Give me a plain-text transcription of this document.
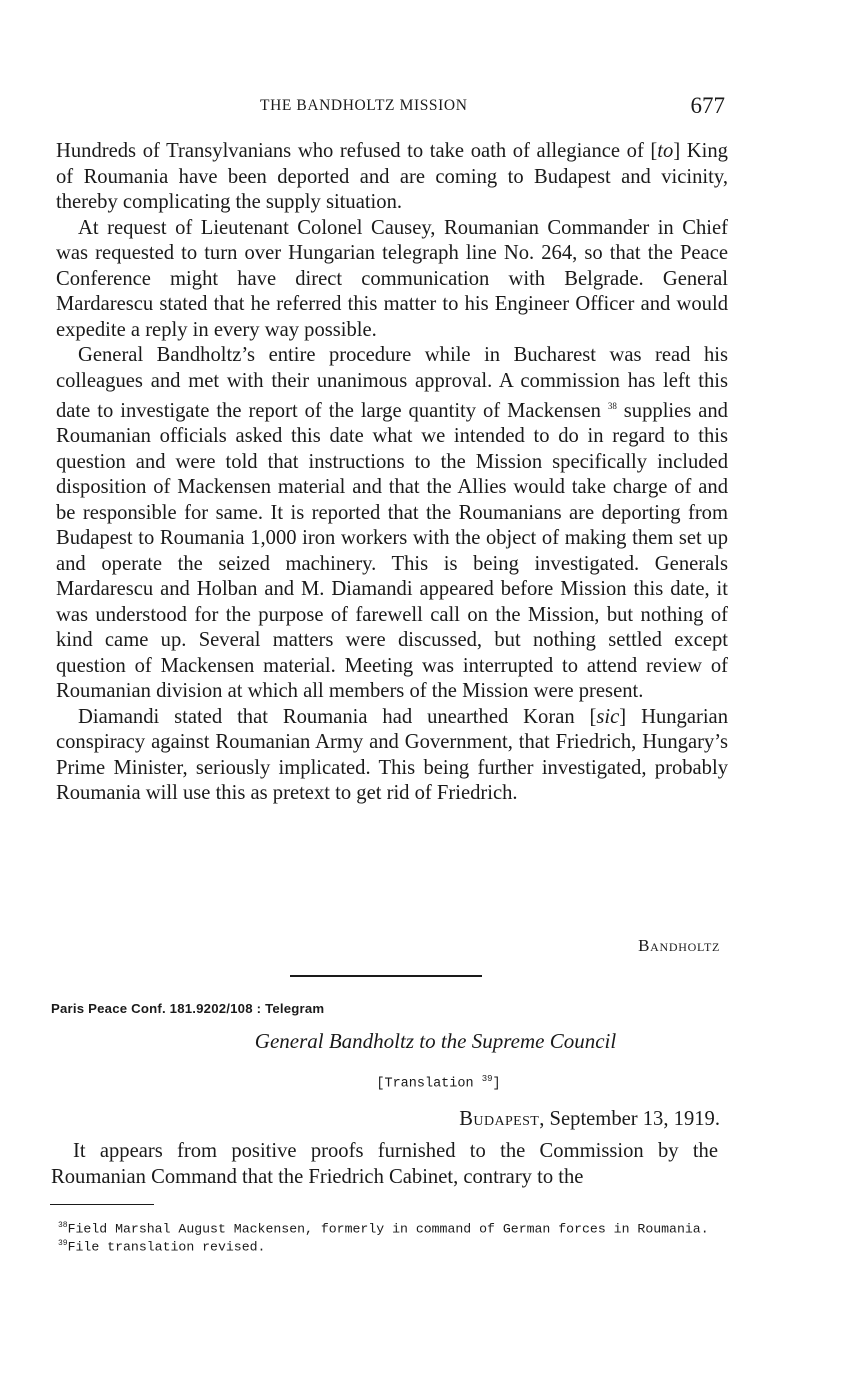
THE BANDHOLTZ MISSION	677

Hundreds of Transylvanians who refused to take oath of allegiance of [to] King of Roumania have been deported and are coming to Budapest and vicinity, thereby complicating the supply situation.

At request of Lieutenant Colonel Causey, Roumanian Commander in Chief was requested to turn over Hungarian telegraph line No. 264, so that the Peace Conference might have direct communication with Belgrade. General Mardarescu stated that he referred this matter to his Engineer Officer and would expedite a reply in every way possible.

General Bandholtz’s entire procedure while in Bucharest was read his colleagues and met with their unanimous approval. A commission has left this date to investigate the report of the large quantity of Mackensen $^{38}$ supplies and Roumanian officials asked this date what we intended to do in regard to this question and were told that instructions to the Mission specifically included disposition of Mackensen material and that the Allies would take charge of and be responsible for same. It is reported that the Roumanians are deporting from Budapest to Roumania 1,000 iron workers with the object of making them set up and operate the seized machinery. This is being investigated. Generals Mardarescu and Holban and M. Diamandi appeared before Mission this date, it was understood for the purpose of farewell call on the Mission, but nothing of kind came up. Several matters were discussed, but nothing settled except question of Mackensen material. Meeting was interrupted to attend review of Roumanian division at which all members of the Mission were present.

Diamandi stated that Roumania had unearthed Koran [sic] Hungarian conspiracy against Roumanian Army and Government, that Friedrich, Hungary’s Prime Minister, seriously implicated. This being further investigated, probably Roumania will use this as pretext to get rid of Friedrich.

Bandholtz
Paris Peace Conf. 181.9202/108 : Telegram
General Bandholtz to the Supreme Council
[Translation $^{39}$]
Budapest, September 13, 1919.

It appears from positive proofs furnished to the Commission by the Roumanian Command that the Friedrich Cabinet, contrary to the

$^{38}$Field Marshal August Mackensen, formerly in command of German forces in Roumania.

$^{39}$File translation revised.
